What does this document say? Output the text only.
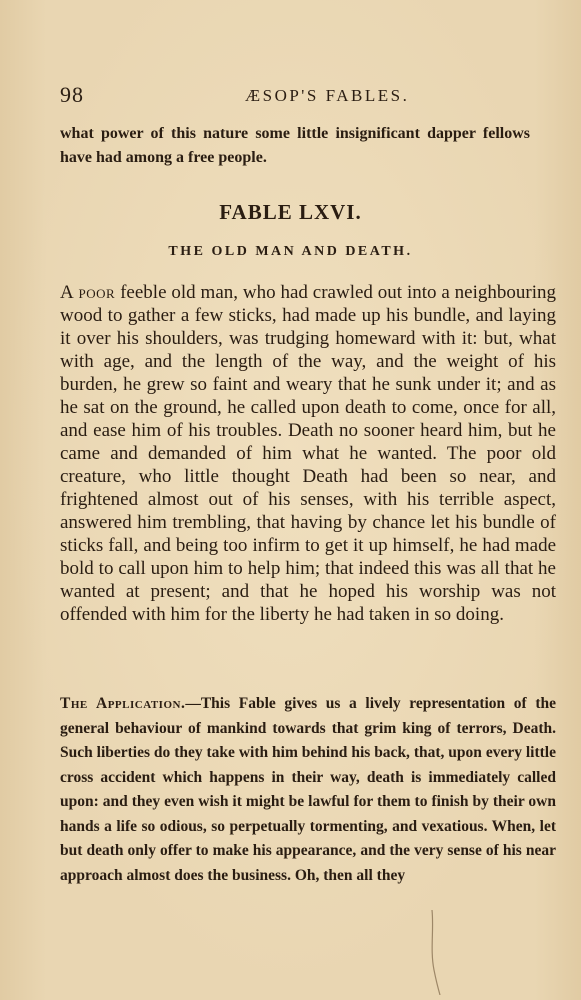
98	ÆSOP'S FABLES.

what power of this nature some little insignificant dapper fellows have had among a free people.

FABLE LXVI.
THE OLD MAN AND DEATH.

A poor feeble old man, who had crawled out into a neighbouring wood to gather a few sticks, had made up his bundle, and laying it over his shoulders, was trudging homeward with it: but, what with age, and the length of the way, and the weight of his burden, he grew so faint and weary that he sunk under it; and as he sat on the ground, he called upon death to come, once for all, and ease him of his troubles. Death no sooner heard him, but he came and demanded of him what he wanted. The poor old creature, who little thought Death had been so near, and frightened almost out of his senses, with his terrible aspect, answered him trembling, that having by chance let his bundle of sticks fall, and being too infirm to get it up himself, he had made bold to call upon him to help him; that indeed this was all that he wanted at present; and that he hoped his worship was not offended with him for the liberty he had taken in so doing.

The Application.—This Fable gives us a lively representation of the general behaviour of mankind towards that grim king of terrors, Death. Such liberties do they take with him behind his back, that, upon every little cross accident which happens in their way, death is immediately called upon: and they even wish it might be lawful for them to finish by their own hands a life so odious, so perpetually tormenting, and vexatious. When, let but death only offer to make his appearance, and the very sense of his near approach almost does the business. Oh, then all they
